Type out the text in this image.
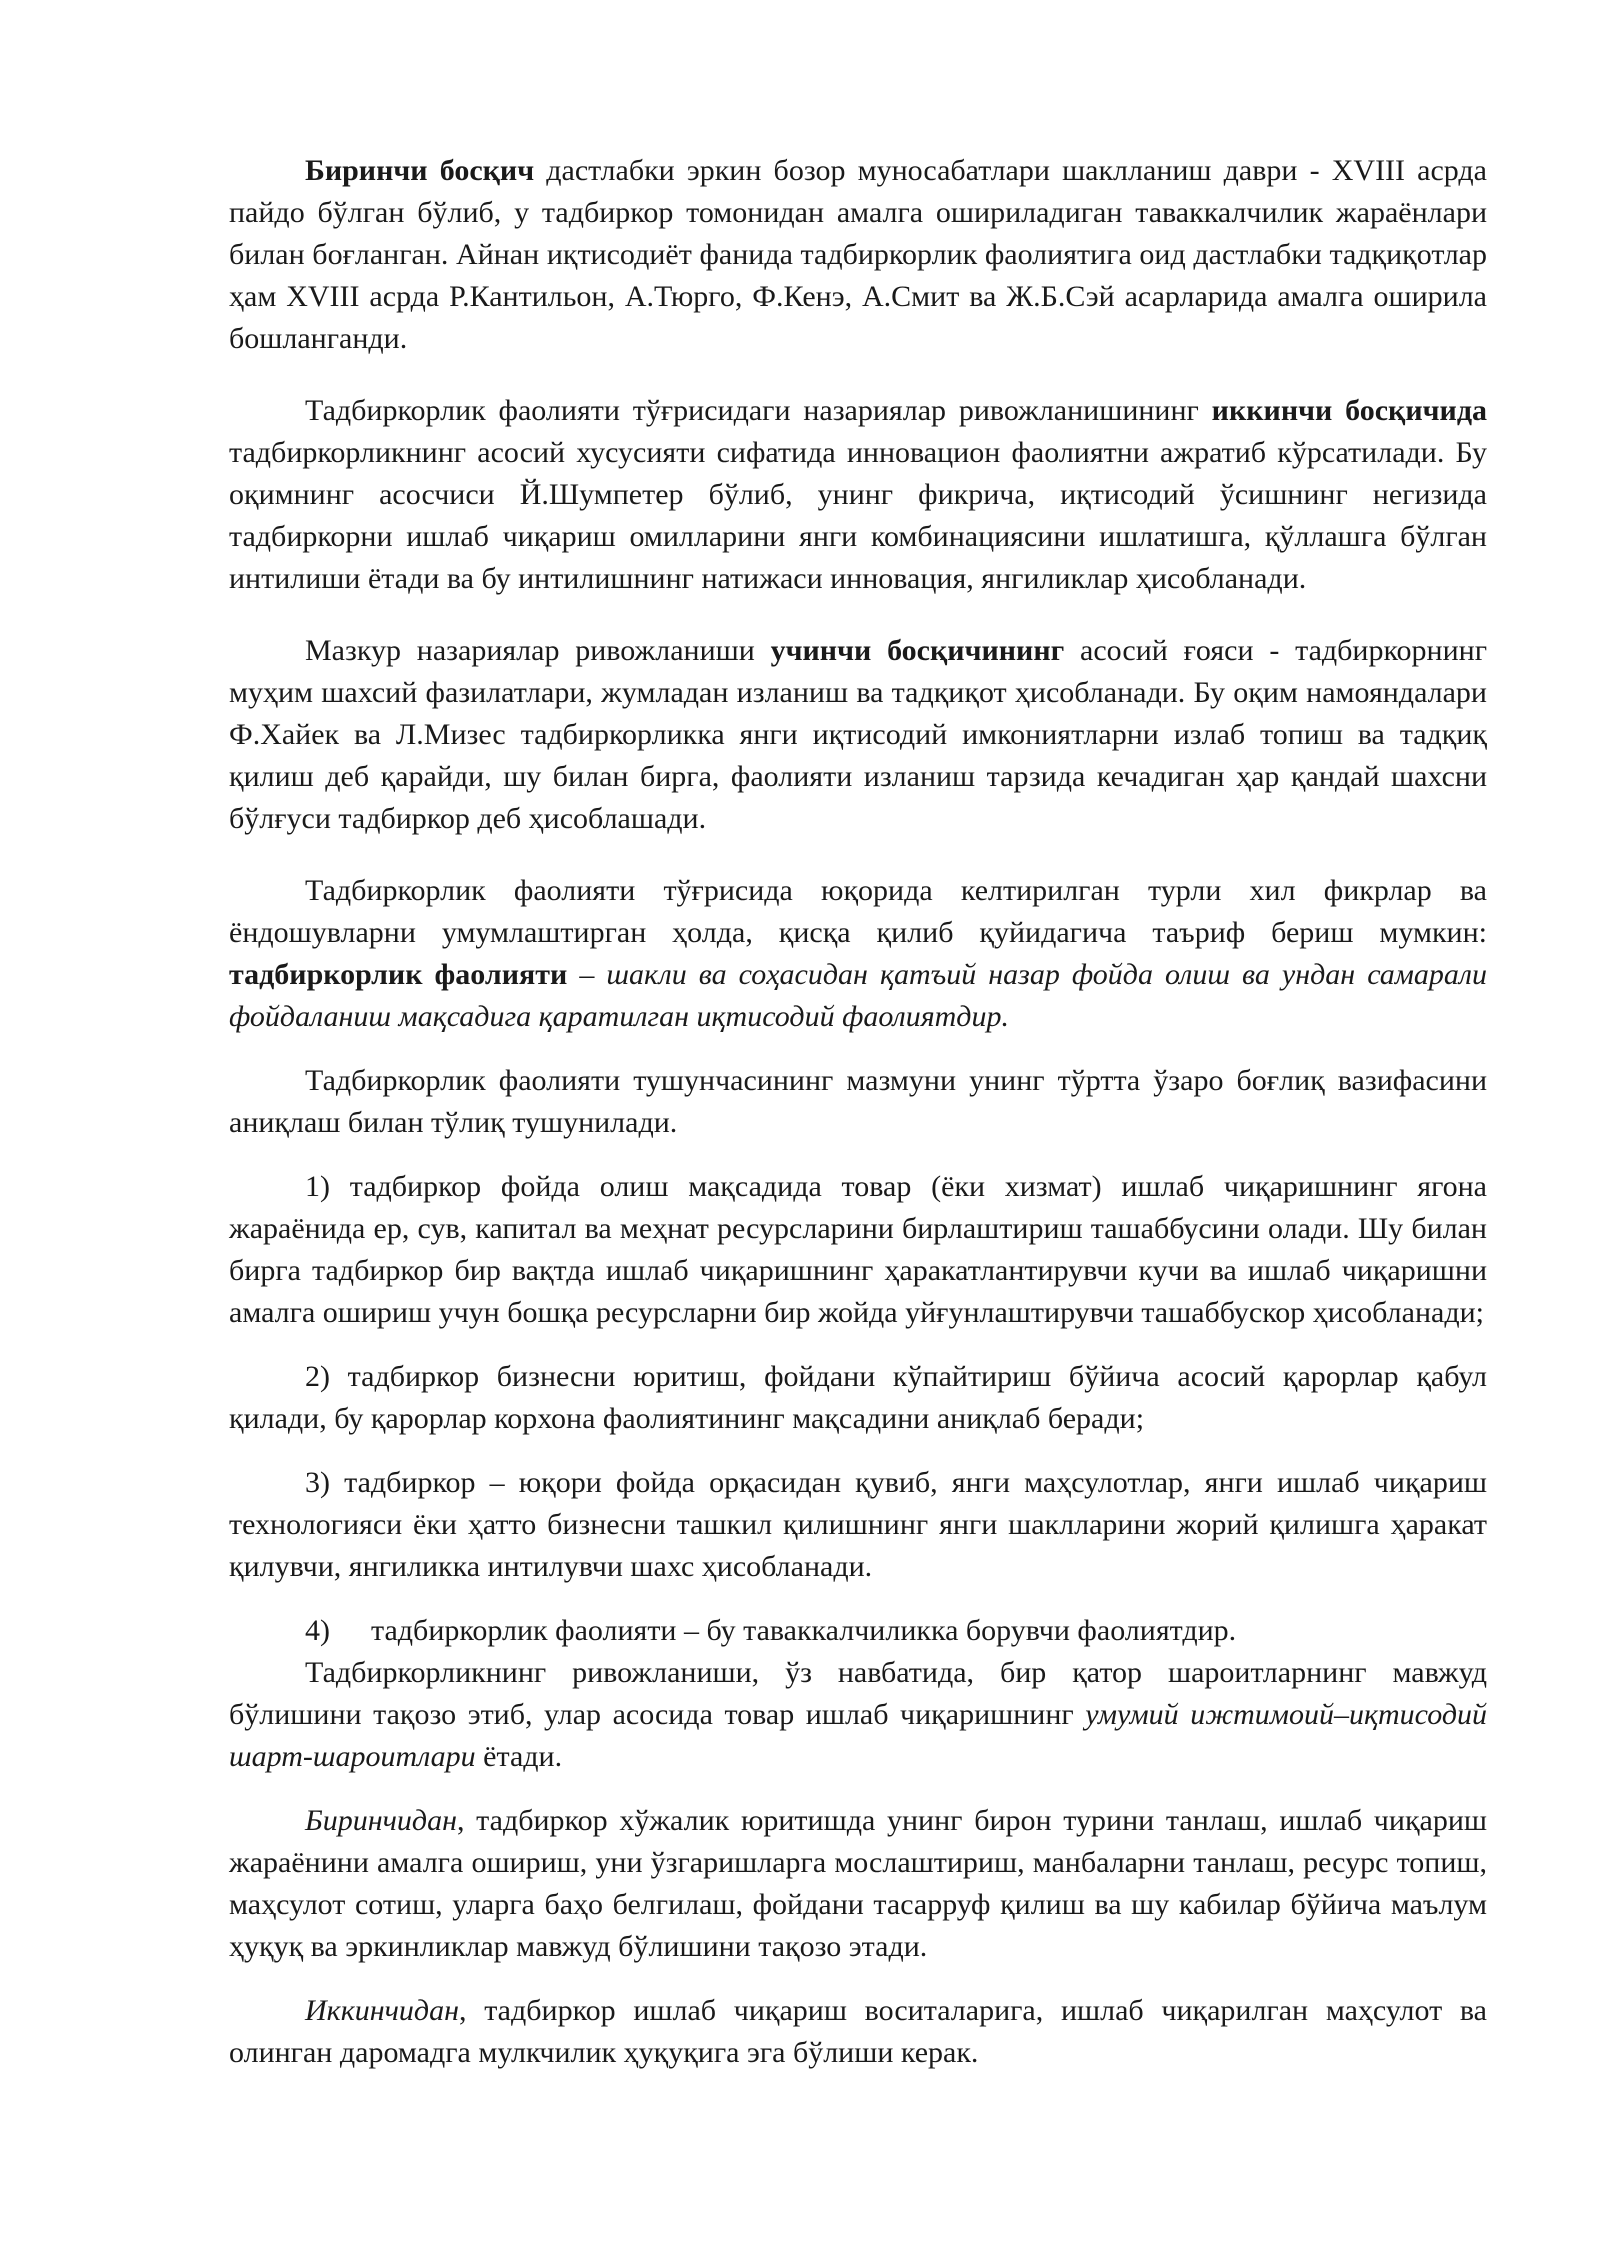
Биринчи босқич дастлабки эркин бозор муносабатлари шаклланиш даври - XVIII асрда пайдо бўлган бўлиб, у тадбиркор томонидан амалга ошириладиган таваккалчилик жараёнлари билан боғланган. Айнан иқтисодиёт фанида тадбиркорлик фаолиятига оид дастлабки тадқиқотлар ҳам XVIII асрда Р.Кантильон, А.Тюрго, Ф.Кенэ, А.Смит ва Ж.Б.Сэй асарларида амалга оширила бошланганди.

Тадбиркорлик фаолияти тўғрисидаги назариялар ривожланишининг иккинчи босқичида тадбиркорликнинг асосий хусусияти сифатида инновацион фаолиятни ажратиб кўрсатилади. Бу оқимнинг асосчиси Й.Шумпетер бўлиб, унинг фикрича, иқтисодий ўсишнинг негизида тадбиркорни ишлаб чиқариш омилларини янги комбинациясини ишлатишга, қўллашга бўлган интилиши ётади ва бу интилишнинг натижаси инновация, янгиликлар ҳисобланади.

Мазкур назариялар ривожланиши учинчи босқичининг асосий ғояси - тадбиркорнинг муҳим шахсий фазилатлари, жумладан изланиш ва тадқиқот ҳисобланади. Бу оқим намояндалари Ф.Хайек ва Л.Мизес тадбиркорликка янги иқтисодий имкониятларни излаб топиш ва тадқиқ қилиш деб қарайди, шу билан бирга, фаолияти изланиш тарзида кечадиган ҳар қандай шахсни бўлғуси тадбиркор деб ҳисоблашади.

Тадбиркорлик фаолияти тўғрисида юқорида келтирилган турли хил фикрлар ва ёндошувларни умумлаштирган ҳолда, қисқа қилиб қуйидагича таъриф бериш мумкин: тадбиркорлик фаолияти – шакли ва соҳасидан қатъий назар фойда олиш ва ундан самарали фойдаланиш мақсадига қаратилган иқтисодий фаолиятдир.

Тадбиркорлик фаолияти тушунчасининг мазмуни унинг тўртта ўзаро боғлиқ вазифасини аниқлаш билан тўлиқ тушунилади.

1) тадбиркор фойда олиш мақсадида товар (ёки хизмат) ишлаб чиқаришнинг ягона жараёнида ер, сув, капитал ва меҳнат ресурсларини бирлаштириш ташаббусини олади. Шу билан бирга тадбиркор бир вақтда ишлаб чиқаришнинг ҳаракатлантирувчи кучи ва ишлаб чиқаришни амалга ошириш учун бошқа ресурсларни бир жойда уйғунлаштирувчи ташаббускор ҳисобланади;

2) тадбиркор бизнесни юритиш, фойдани кўпайтириш бўйича асосий қарорлар қабул қилади, бу қарорлар корхона фаолиятининг мақсадини аниқлаб беради;

3) тадбиркор – юқори фойда орқасидан қувиб, янги маҳсулотлар, янги ишлаб чиқариш технологияси ёки ҳатто бизнесни ташкил қилишнинг янги шаклларини жорий қилишга ҳаракат қилувчи, янгиликка интилувчи шахс ҳисобланади.

4) тадбиркорлик фаолияти – бу таваккалчиликка борувчи фаолиятдир.

Тадбиркорликнинг ривожланиши, ўз навбатида, бир қатор шароитларнинг мавжуд бўлишини тақозо этиб, улар асосида товар ишлаб чиқаришнинг умумий ижтимоий–иқтисодий шарт-шароитлари ётади.

Биринчидан, тадбиркор хўжалик юритишда унинг бирон турини танлаш, ишлаб чиқариш жараёнини амалга ошириш, уни ўзгаришларга мослаштириш, манбаларни танлаш, ресурс топиш, маҳсулот сотиш, уларга баҳо белгилаш, фойдани тасарруф қилиш ва шу кабилар бўйича маълум ҳуқуқ ва эркинликлар мавжуд бўлишини тақозо этади.

Иккинчидан, тадбиркор ишлаб чиқариш воситаларига, ишлаб чиқарилган маҳсулот ва олинган даромадга мулкчилик ҳуқуқига эга бўлиши керак.
